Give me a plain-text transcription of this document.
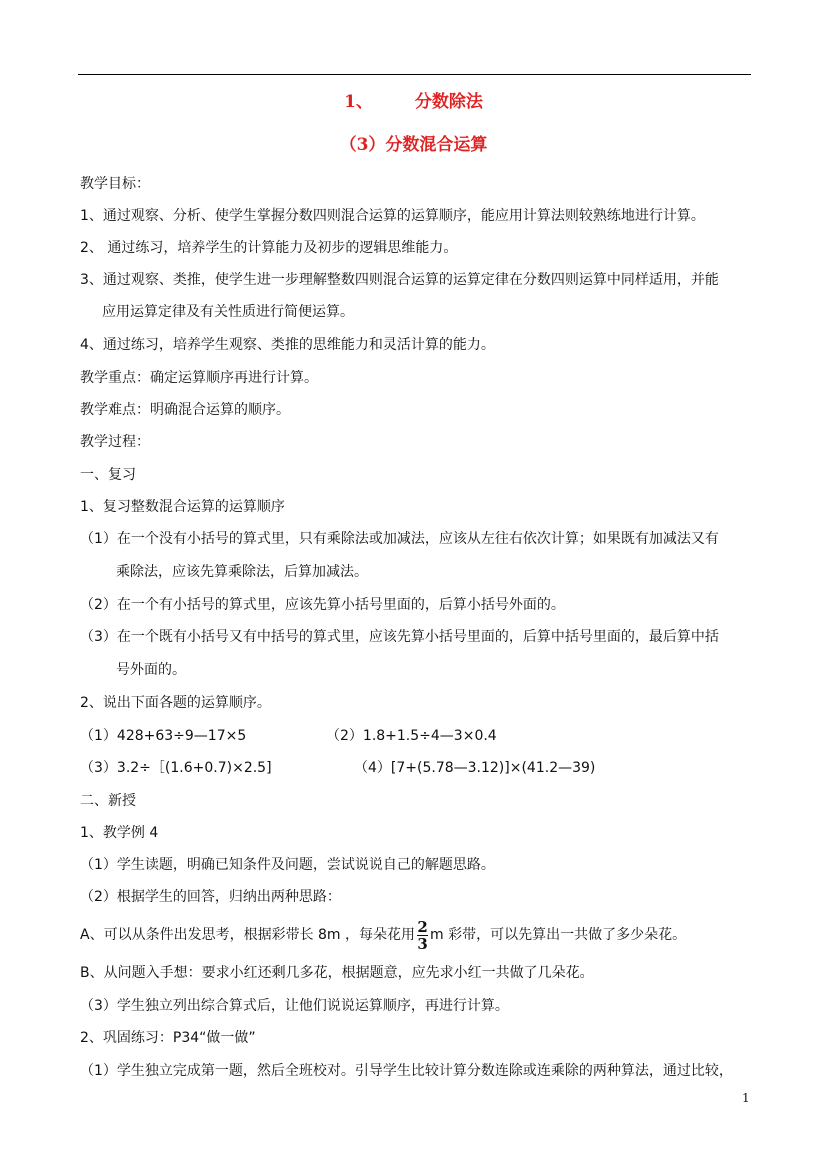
1、 分数除法
（3）分数混合运算
教学目标：
1、通过观察、分析、使学生掌握分数四则混合运算的运算顺序，能应用计算法则较熟练地进行计算。
2、 通过练习，培养学生的计算能力及初步的逻辑思维能力。
3、通过观察、类推，使学生进一步理解整数四则混合运算的运算定律在分数四则运算中同样适用，并能
应用运算定律及有关性质进行简便运算。
4、通过练习，培养学生观察、类推的思维能力和灵活计算的能力。
教学重点：确定运算顺序再进行计算。
教学难点：明确混合运算的顺序。
教学过程：
一、复习
1、复习整数混合运算的运算顺序
（1）在一个没有小括号的算式里，只有乘除法或加减法，应该从左往右依次计算；如果既有加减法又有
乘除法，应该先算乘除法，后算加减法。
（2）在一个有小括号的算式里，应该先算小括号里面的，后算小括号外面的。
（3）在一个既有小括号又有中括号的算式里，应该先算小括号里面的，后算中括号里面的，最后算中括
号外面的。
2、说出下面各题的运算顺序。
（1）428+63÷9—17×5	（2）1.8+1.5÷4—3×0.4
（3）3.2÷［(1.6+0.7)×2.5]	（4）[7+(5.78—3.12)]×(41.2—39)
二、新授
1、教学例 4
（1）学生读题，明确已知条件及问题，尝试说说自己的解题思路。
（2）根据学生的回答，归纳出两种思路：
A、可以从条件出发思考，根据彩带长 8m ，每朵花用 $\frac{2}{3}$ m 彩带，可以先算出一共做了多少朵花。
B、从问题入手想：要求小红还剩几多花，根据题意，应先求小红一共做了几朵花。
（3）学生独立列出综合算式后，让他们说说运算顺序，再进行计算。
2、巩固练习：P34“做一做”
（1）学生独立完成第一题，然后全班校对。引导学生比较计算分数连除或连乘除的两种算法，通过比较，
1
